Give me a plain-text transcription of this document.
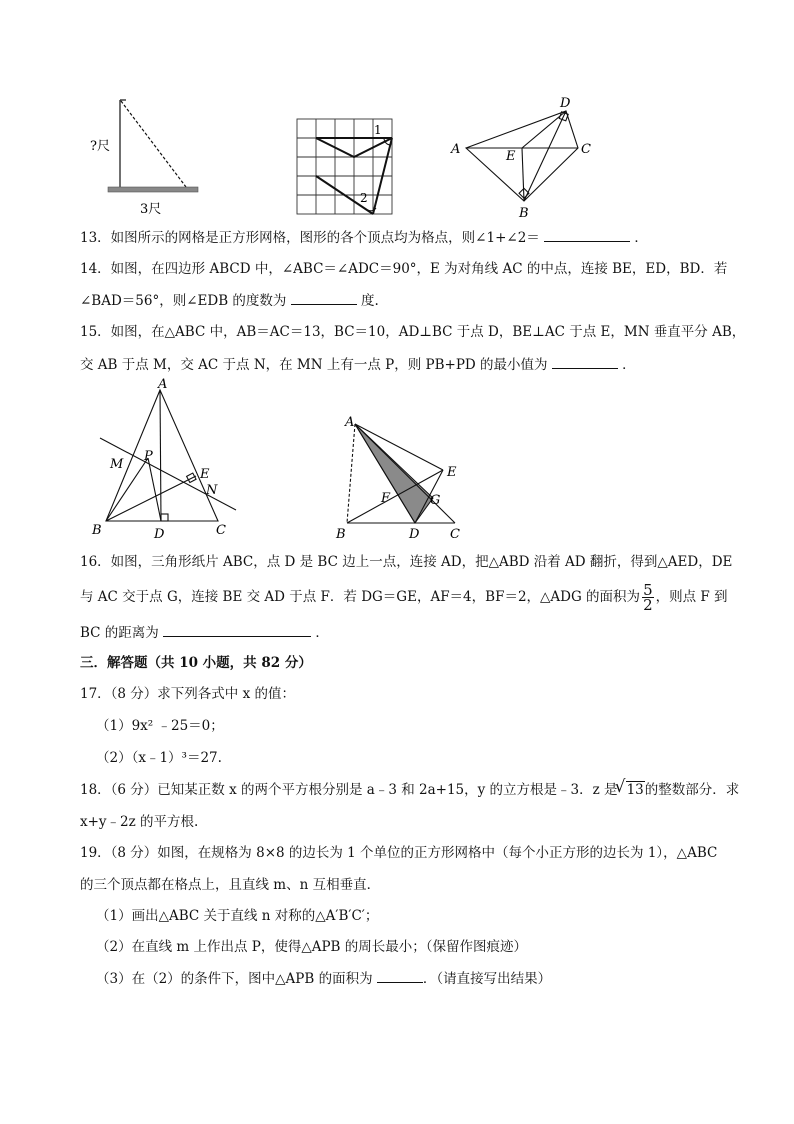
?尺
3尺
1
2
A
D
C
E
B
13．如图所示的网格是正方形网格，图形的各个顶点均为格点，则∠1+∠2＝	．
14．如图，在四边形 ABCD 中，∠ABC＝∠ADC＝90°，E 为对角线 AC 的中点，连接 BE，ED，BD．若
∠BAD＝56°，则∠EDB 的度数为	度.
15．如图，在△ABC 中，AB＝AC＝13，BC＝10，AD⊥BC 于点 D，BE⊥AC 于点 E，MN 垂直平分 AB，
交 AB 于点 M，交 AC 于点 N，在 MN 上有一点 P，则 PB+PD 的最小值为	．
A
B	C
D
E
N
M
P
A
B	C
D
E
F	G
16．如图，三角形纸片 ABC，点 D 是 BC 边上一点，连接 AD，把△ABD 沿着 AD 翻折，得到△AED，DE
与 AC 交于点 G，连接 BE 交 AD 于点 F．若 DG＝GE，AF＝4，BF＝2，△ADG 的面积为 $\frac{5}{2}$ ，则点 F 到
BC 的距离为	．
三．解答题（共 10 小题，共 82 分）
17．（8 分）求下列各式中 x 的值：
（1）9x² ﹣25＝0；
（2）（x﹣1）³＝27.
18．（6 分）已知某正数 x 的两个平方根分别是 a﹣3 和 2a+15，y 的立方根是﹣3．z 是 √ 13的整数部分．求
x+y﹣2z 的平方根.
19．（8 分）如图，在规格为 8×8 的边长为 1 个单位的正方形网格中（每个小正方形的边长为 1），△ABC
的三个顶点都在格点上，且直线 m、n 互相垂直．
（1）画出△ABC 关于直线 n 对称的△A′B′C′；
（2）在直线 m 上作出点 P，使得△APB 的周长最小；（保留作图痕迹）
（3）在（2）的条件下，图中△APB 的面积为	．（请直接写出结果）
